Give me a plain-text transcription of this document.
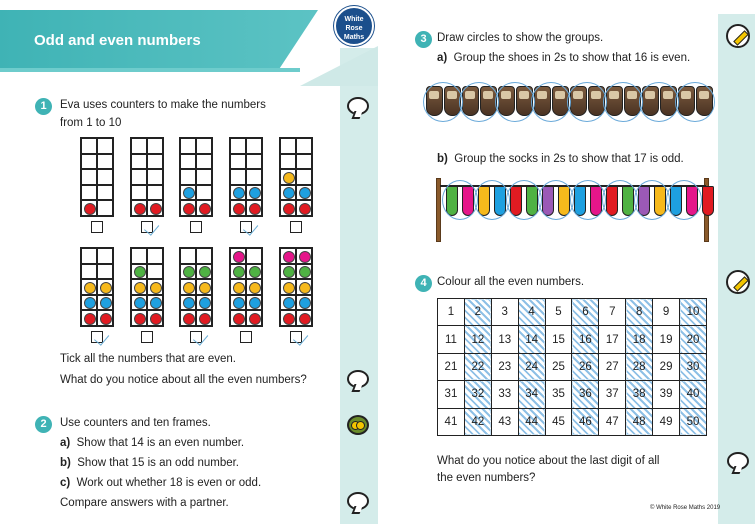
Odd and even numbers
White
Rose
Maths
1	Eva uses counters to make the numbers
from 1 to 10
Tick all the numbers that are even.
What do you notice about all the even numbers?
2	Use counters and ten frames.
a) Show that 14 is an even number.
b) Show that 15 is an odd number.
c) Work out whether 18 is even or odd.
Compare answers with a partner.
3 Draw circles to show the groups.
a) Group the shoes in 2s to show that 16 is even.
b) Group the socks in 2s to show that 17 is odd.
4 Colour all the even numbers.
1	2	3	4	5	6	7	8	9	10
11	12	13	14	15	16	17	18	19	20
21	22	23	24	25	26	27	28	29	30
31	32	33	34	35	36	37	38	39	40
41	42	43	44	45	46	47	48	49	50
What do you notice about the last digit of all
the even numbers?
© White Rose Maths 2019
